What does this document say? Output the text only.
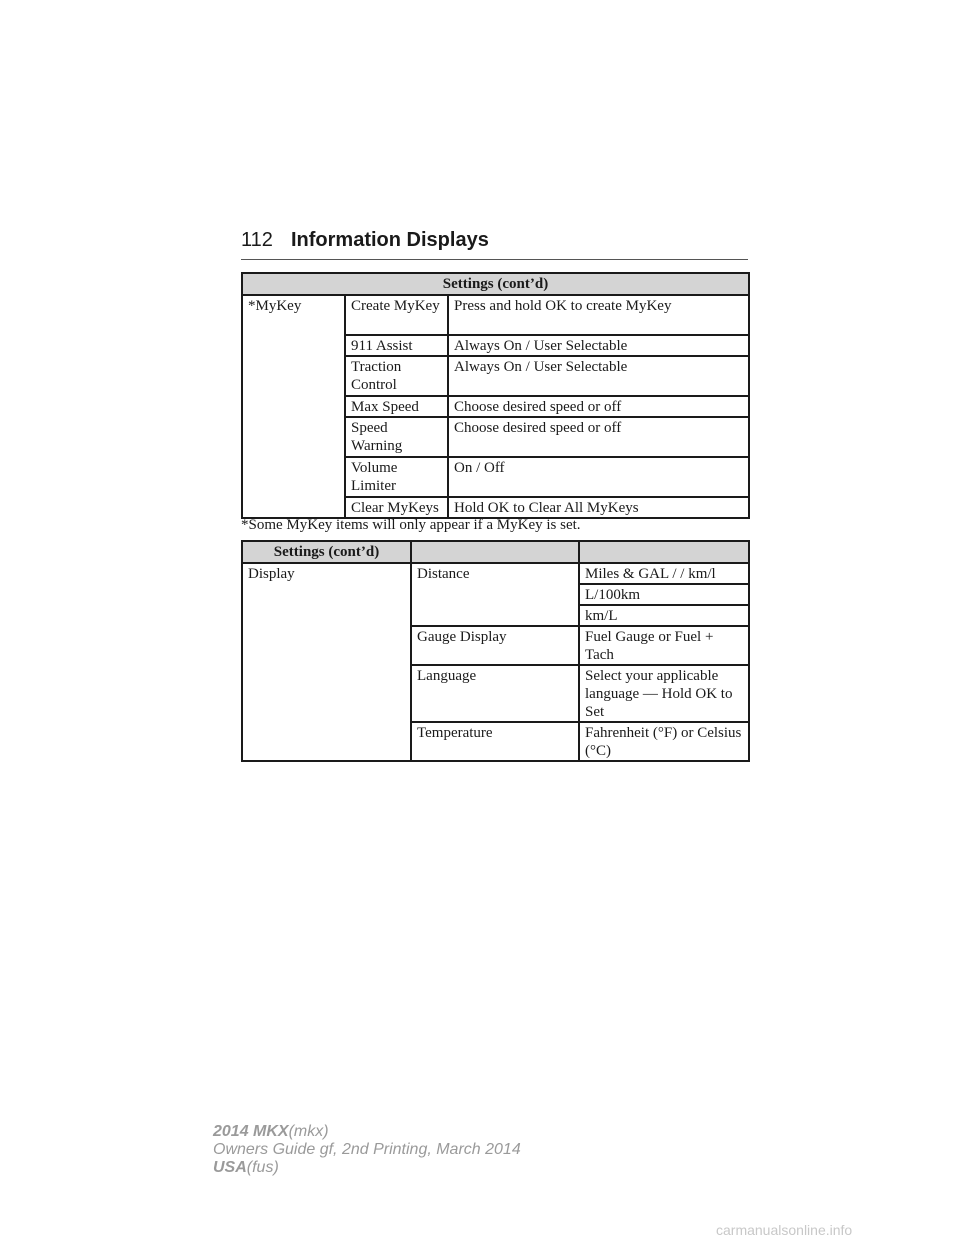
112 Information Displays
Settings (cont’d)		
*MyKey	Create MyKey	Press and hold OK to create MyKey
	911 Assist	Always On / User Selectable
	Traction Control	Always On / User Selectable
	Max Speed	Choose desired speed or off
	Speed Warning	Choose desired speed or off
	Volume Limiter	On / Off
	Clear MyKeys	Hold OK to Clear All MyKeys
*Some MyKey items will only appear if a MyKey is set.
Settings (cont’d)		
Display	Distance	Miles & GAL / / km/l
		L/100km
		km/L
	Gauge Display	Fuel Gauge or Fuel + Tach
	Language	Select your applicable language — Hold OK to Set
	Temperature	Fahrenheit (°F) or Celsius (°C)
2014 MKX(mkx)
Owners Guide gf, 2nd Printing, March 2014
USA(fus)
carmanualsonline.info
